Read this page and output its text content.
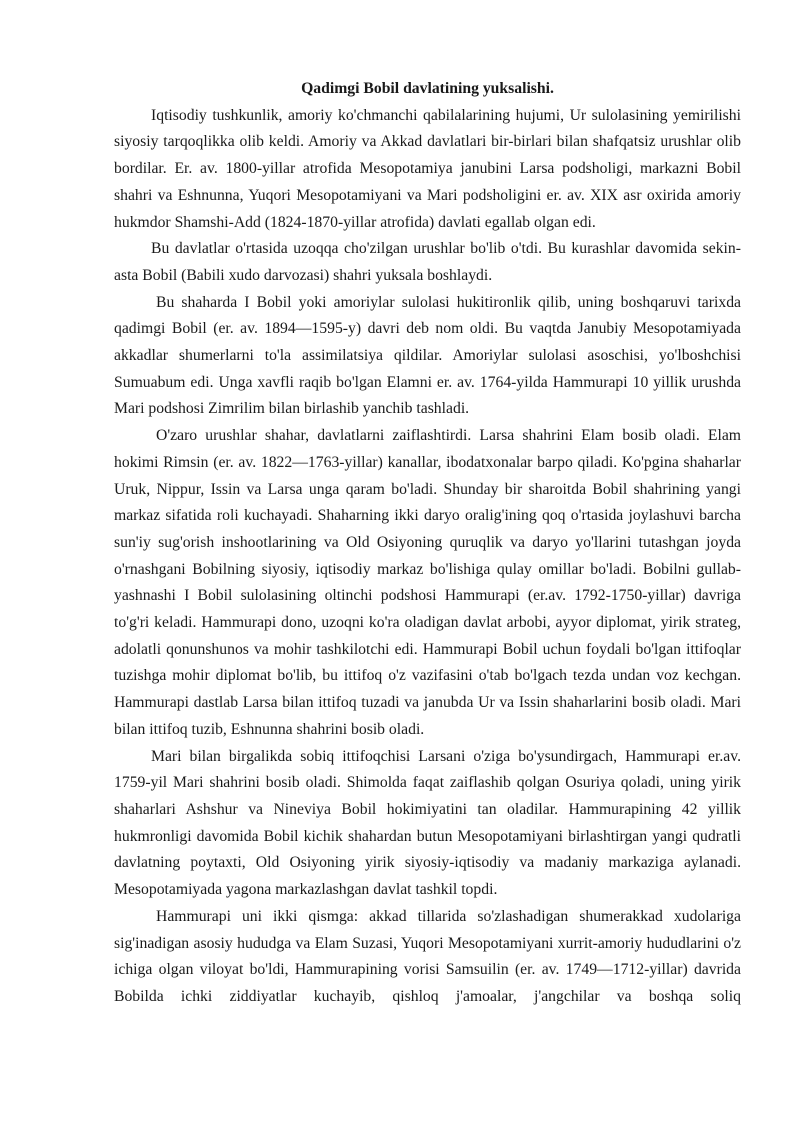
Qadimgi Bobil davlatining yuksalishi.

Iqtisodiy tushkunlik, amoriy ko'chmanchi qabilalarining hujumi, Ur sulolasining yemirilishi siyosiy tarqoqlikka olib keldi. Amoriy va Akkad davlatlari bir-birlari bilan shafqatsiz urushlar olib bordilar. Er. av. 1800-yillar atrofida Mesopotamiya janubini Larsa podsholigi, markazni Bobil shahri va Eshnunna, Yuqori Mesopotamiyani va Mari podsholigini er. av. XIX asr oxirida amoriy hukmdor Shamshi-Add (1824-1870-yillar atrofida) davlati egallab olgan edi.

Bu davlatlar o'rtasida uzoqqa cho'zilgan urushlar bo'lib o'tdi. Bu kurashlar davomida sekin-asta Bobil (Babili xudo darvozasi) shahri yuksala boshlaydi.

Bu shaharda I Bobil yoki amoriylar sulolasi hukitironlik qilib, uning boshqaruvi tarixda qadimgi Bobil (er. av. 1894—1595-y) davri deb nom oldi. Bu vaqtda Janubiy Mesopotamiyada akkadlar shumerlarni to'la assimilatsiya qildilar. Amoriylar sulolasi asoschisi, yo'lboshchisi Sumuabum edi. Unga xavfli raqib bo'lgan Elamni er. av. 1764-yilda Hammurapi 10 yillik urushda Mari podshosi Zimrilim bilan birlashib yanchib tashladi.

O'zaro urushlar shahar, davlatlarni zaiflashtirdi. Larsa shahrini Elam bosib oladi. Elam hokimi Rimsin (er. av. 1822—1763-yillar) kanallar, ibodatxonalar barpo qiladi. Ko'pgina shaharlar Uruk, Nippur, Issin va Larsa unga qaram bo'ladi. Shunday bir sharoitda Bobil shahrining yangi markaz sifatida roli kuchayadi. Shaharning ikki daryo oralig'ining qoq o'rtasida joylashuvi barcha sun'iy sug'orish inshootlarining va Old Osiyoning quruqlik va daryo yo'llarini tutashgan joyda o'rnashgani Bobilning siyosiy, iqtisodiy markaz bo'lishiga qulay omillar bo'ladi. Bobilni gullab-yashnashi I Bobil sulolasining oltinchi podshosi Hammurapi (er.av. 1792-1750-yillar) davriga to'g'ri keladi. Hammurapi dono, uzoqni ko'ra oladigan davlat arbobi, ayyor diplomat, yirik strateg, adolatli qonunshunos va mohir tashkilotchi edi. Hammurapi Bobil uchun foydali bo'lgan ittifoqlar tuzishga mohir diplomat bo'lib, bu ittifoq o'z vazifasini o'tab bo'lgach tezda undan voz kechgan. Hammurapi dastlab Larsa bilan ittifoq tuzadi va janubda Ur va Issin shaharlarini bosib oladi. Mari bilan ittifoq tuzib, Eshnunna shahrini bosib oladi.

Mari bilan birgalikda sobiq ittifoqchisi Larsani o'ziga bo'ysundirgach, Hammurapi er.av. 1759-yil Mari shahrini bosib oladi. Shimolda faqat zaiflashib qolgan Osuriya qoladi, uning yirik shaharlari Ashshur va Nineviya Bobil hokimiyatini tan oladilar. Hammurapining 42 yillik hukmronligi davomida Bobil kichik shahardan butun Mesopotamiyani birlashtirgan yangi qudratli davlatning poytaxti, Old Osiyoning yirik siyosiy-iqtisodiy va madaniy markaziga aylanadi. Mesopotamiyada yagona markazlashgan davlat tashkil topdi.

Hammurapi uni ikki qismga: akkad tillarida so'zlashadigan shumerakkad xudolariga sig'inadigan asosiy hududga va Elam Suzasi, Yuqori Mesopotamiyani xurrit-amoriy hududlarini o'z ichiga olgan viloyat bo'ldi, Hammurapining vorisi Samsuilin (er. av. 1749—1712-yillar) davrida Bobilda ichki ziddiyatlar kuchayib, qishloq j'amoalar, j'angchilar va boshqa soliq
